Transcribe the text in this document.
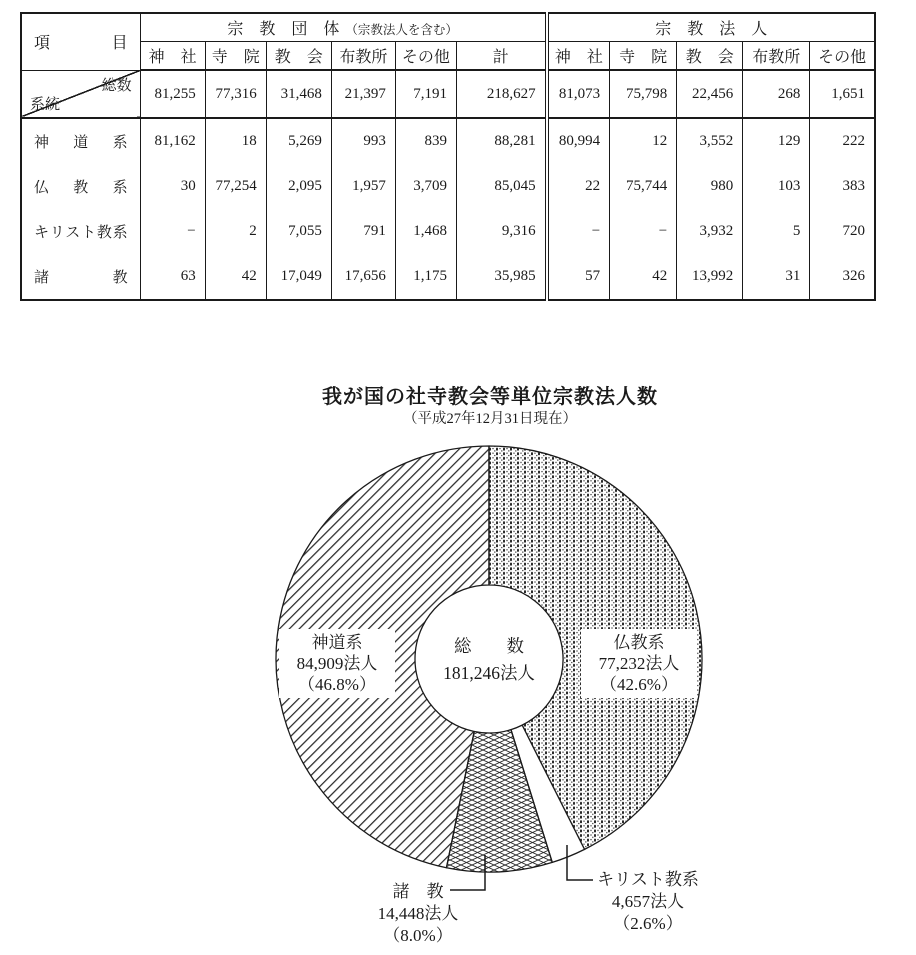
項　　目	宗　教　団　体 （宗教法人を含む）						宗　教　法　人				
	神　社	寺　院	教　会	布教所	その他	計	神　社	寺　院	教　会	布教所	その他

総数
系統	81,255	77,316	31,468	21,397	7,191	218,627	81,073	75,798	22,456	268	1,651
神　道　系	81,162	18	5,269	993	839	88,281	80,994	12	3,552	129	222
仏　教　系	30	77,254	2,095	1,957	3,709	85,045	22	75,744	980	103	383
キリスト教系	−	2	7,055	791	1,468	9,316	−	−	3,932	5	720
諸　　　教	63	42	17,049	17,656	1,175	35,985	57	42	13,992	31	326
我が国の社寺教会等単位宗教法人数
（平成27年12月31日現在）
神道系
84,909法人
（46.8%）
仏教系
77,232法人
（42.6%）
総　　数
181,246法人
諸　教
14,448法人
（8.0%）
キリスト教系
4,657法人
（2.6%）
